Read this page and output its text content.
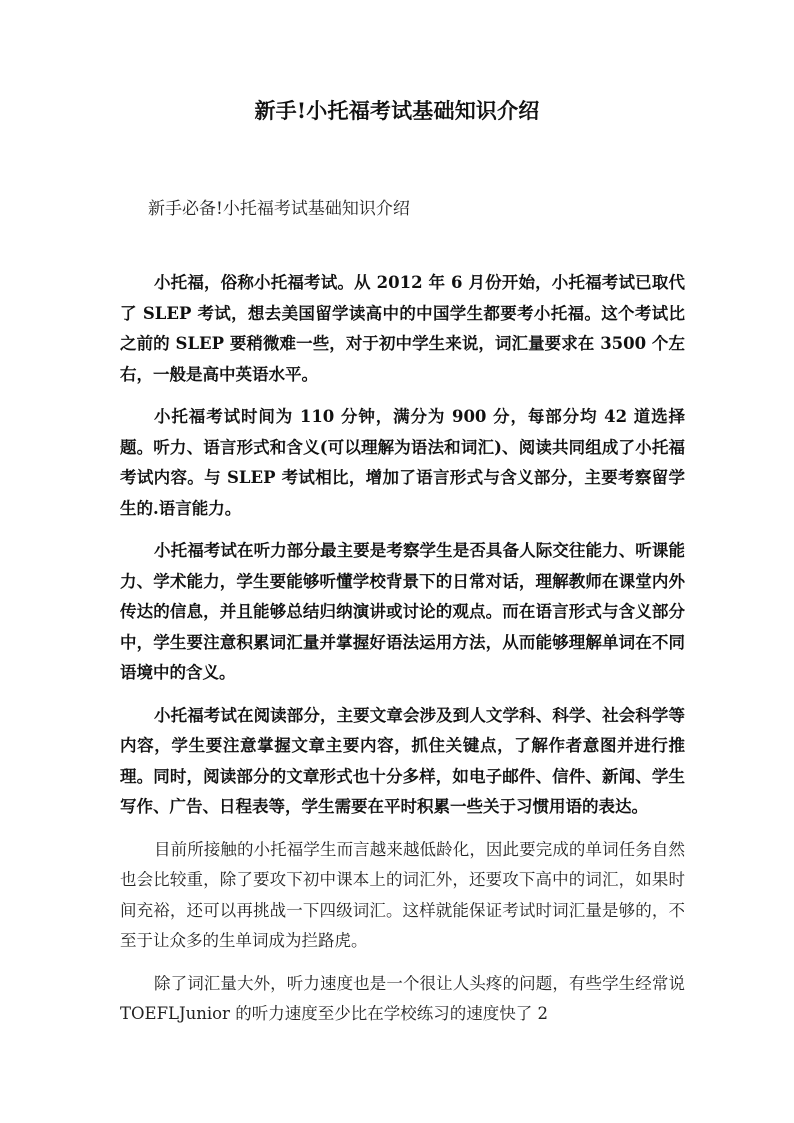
新手!小托福考试基础知识介绍
新手必备!小托福考试基础知识介绍

小托福，俗称小托福考试。从 2012 年 6 月份开始，小托福考试已取代了 SLEP 考试，想去美国留学读高中的中国学生都要考小托福。这个考试比之前的 SLEP 要稍微难一些，对于初中学生来说，词汇量要求在 3500 个左右，一般是高中英语水平。

小托福考试时间为 110 分钟，满分为 900 分，每部分均 42 道选择题。听力、语言形式和含义(可以理解为语法和词汇)、阅读共同组成了小托福考试内容。与 SLEP 考试相比，增加了语言形式与含义部分，主要考察留学生的.语言能力。

小托福考试在听力部分最主要是考察学生是否具备人际交往能力、听课能力、学术能力，学生要能够听懂学校背景下的日常对话，理解教师在课堂内外传达的信息，并且能够总结归纳演讲或讨论的观点。而在语言形式与含义部分中，学生要注意积累词汇量并掌握好语法运用方法，从而能够理解单词在不同语境中的含义。

小托福考试在阅读部分，主要文章会涉及到人文学科、科学、社会科学等内容，学生要注意掌握文章主要内容，抓住关键点，了解作者意图并进行推理。同时，阅读部分的文章形式也十分多样，如电子邮件、信件、新闻、学生写作、广告、日程表等，学生需要在平时积累一些关于习惯用语的表达。

目前所接触的小托福学生而言越来越低龄化，因此要完成的单词任务自然也会比较重，除了要攻下初中课本上的词汇外，还要攻下高中的词汇，如果时间充裕，还可以再挑战一下四级词汇。这样就能保证考试时词汇量是够的，不至于让众多的生单词成为拦路虎。

除了词汇量大外，听力速度也是一个很让人头疼的问题，有些学生经常说 TOEFLJunior 的听力速度至少比在学校练习的速度快了 2
